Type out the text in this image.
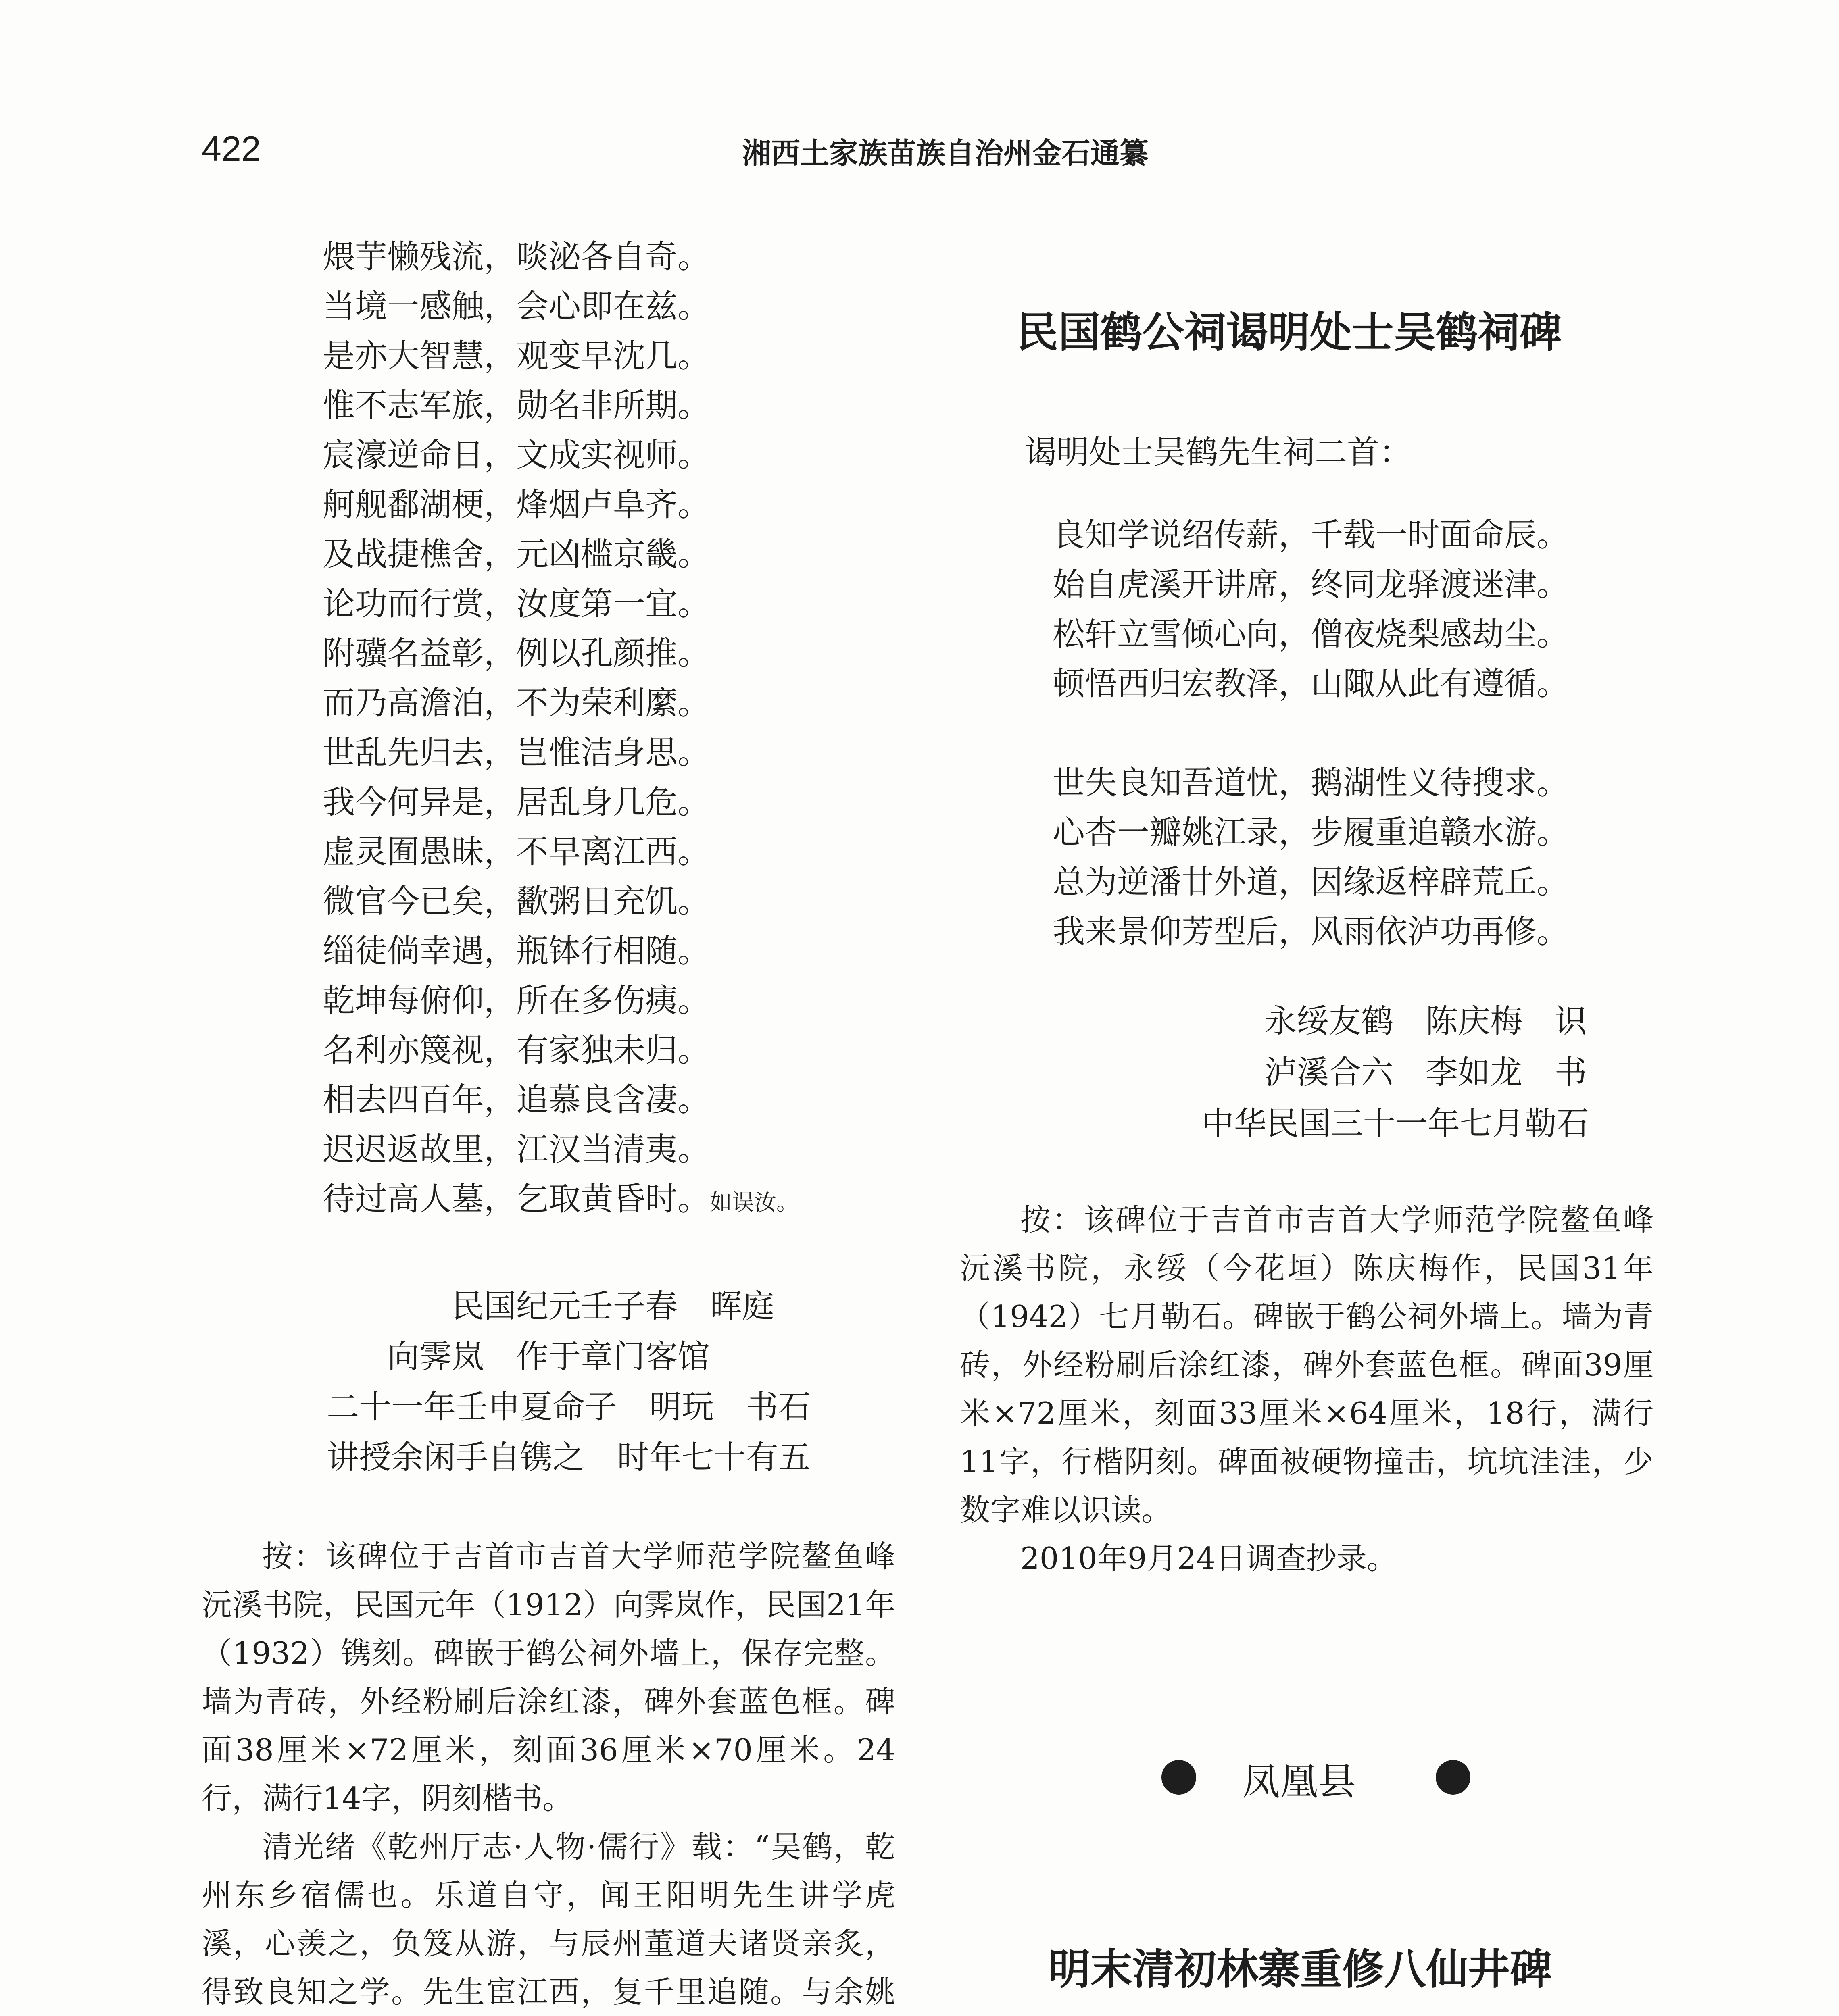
422	湘西土家族苗族自治州金石通纂
煨芋懒残流，啖泌各自奇。
当境一感触，会心即在兹。
是亦大智慧，观变早沈几。
惟不志军旅，勋名非所期。
宸濠逆命日，文成实视师。
舸舰鄱湖梗，烽烟卢阜齐。
及战捷樵舍，元凶槛京畿。
论功而行赏，汝度第一宜。
附骥名益彰，例以孔颜推。
而乃高澹泊，不为荣利縻。
世乱先归去，岂惟洁身思。
我今何异是，居乱身几危。
虚灵囿愚昧，不早离江西。
微官今已矣，歠粥日充饥。
缁徒倘幸遇，瓶钵行相随。
乾坤每俯仰，所在多伤痍。
名利亦篾视，有家独未归。
相去四百年，追慕良含凄。
迟迟返故里，江汉当清夷。
待过高人墓，乞取黄昏时。如误汝。
民国纪元壬子春　晖庭
向霁岚　作于章门客馆
二十一年壬申夏命子　明玩　书石
讲授余闲手自镌之　时年七十有五

按：该碑位于吉首市吉首大学师范学院鳌鱼峰沅溪书院，民国元年（1912）向霁岚作，民国21年（1932）镌刻。碑嵌于鹤公祠外墙上，保存完整。墙为青砖，外经粉刷后涂红漆，碑外套蓝色框。碑面38厘米×72厘米，刻面36厘米×70厘米。24行，满行14字，阴刻楷书。

清光绪《乾州厅志·人物·儒行》载：“吴鹤，乾州东乡宿儒也。乐道自守，闻王阳明先生讲学虎溪，心羡之，负笈从游，与辰州董道夫诸贤亲炙，得致良知之学。先生宦江西，复千里追随。与余姚

民国鹤公祠谒明处士吴鹤祠碑
谒明处士吴鹤先生祠二首：
良知学说绍传薪，千载一时面命辰。
始自虎溪开讲席，终同龙驿渡迷津。
松轩立雪倾心向，僧夜烧梨感劫尘。
顿悟西归宏教泽，山陬从此有遵循。
世失良知吾道忧，鹅湖性义待搜求。
心杏一瓣姚江录，步履重追赣水游。
总为逆潘廿外道，因缘返梓辟荒丘。
我来景仰芳型后，风雨依泸功再修。
永绥友鹤　陈庆梅　识
泸溪合六　李如龙　书
中华民国三十一年七月勒石

按：该碑位于吉首市吉首大学师范学院鳌鱼峰沅溪书院，永绥（今花垣）陈庆梅作，民国31年（1942）七月勒石。碑嵌于鹤公祠外墙上。墙为青砖，外经粉刷后涂红漆，碑外套蓝色框。碑面39厘米×72厘米，刻面33厘米×64厘米，18行，满行11字，行楷阴刻。碑面被硬物撞击，坑坑洼洼，少数字难以识读。

2010年9月24日调查抄录。

凤凰县
明末清初林寨重修八仙井碑
